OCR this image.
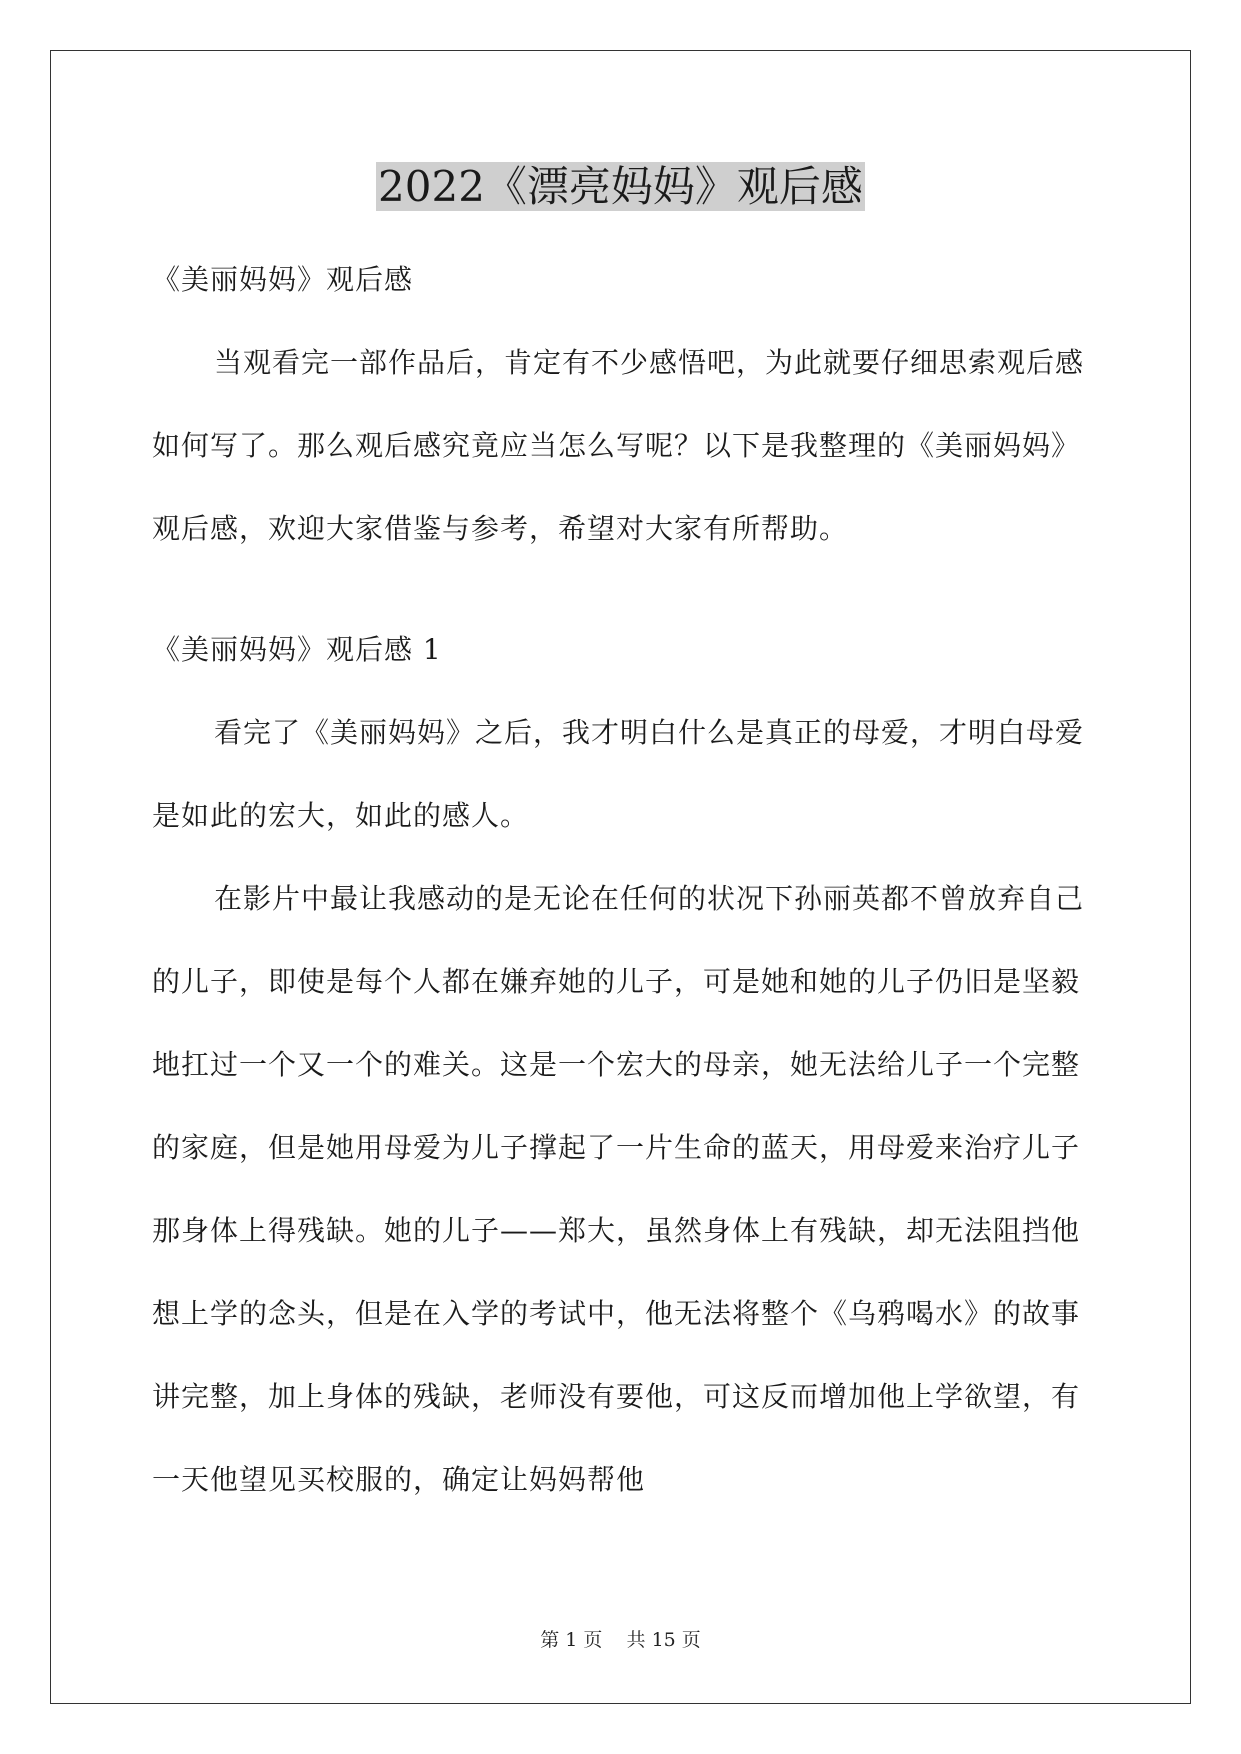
2022《漂亮妈妈》观后感

《美丽妈妈》观后感

当观看完一部作品后，肯定有不少感悟吧，为此就要仔细思索观后感如何写了。那么观后感究竟应当怎么写呢？以下是我整理的《美丽妈妈》观后感，欢迎大家借鉴与参考，希望对大家有所帮助。

《美丽妈妈》观后感 1

看完了《美丽妈妈》之后，我才明白什么是真正的母爱，才明白母爱是如此的宏大，如此的感人。

在影片中最让我感动的是无论在任何的状况下孙丽英都不曾放弃自己的儿子，即使是每个人都在嫌弃她的儿子，可是她和她的儿子仍旧是坚毅地扛过一个又一个的难关。这是一个宏大的母亲，她无法给儿子一个完整的家庭，但是她用母爱为儿子撑起了一片生命的蓝天，用母爱来治疗儿子那身体上得残缺。她的儿子——郑大，虽然身体上有残缺，却无法阻挡他想上学的念头，但是在入学的考试中，他无法将整个《乌鸦喝水》的故事讲完整，加上身体的残缺，老师没有要他，可这反而增加他上学欲望，有一天他望见买校服的，确定让妈妈帮他

第 1 页 共 15 页
